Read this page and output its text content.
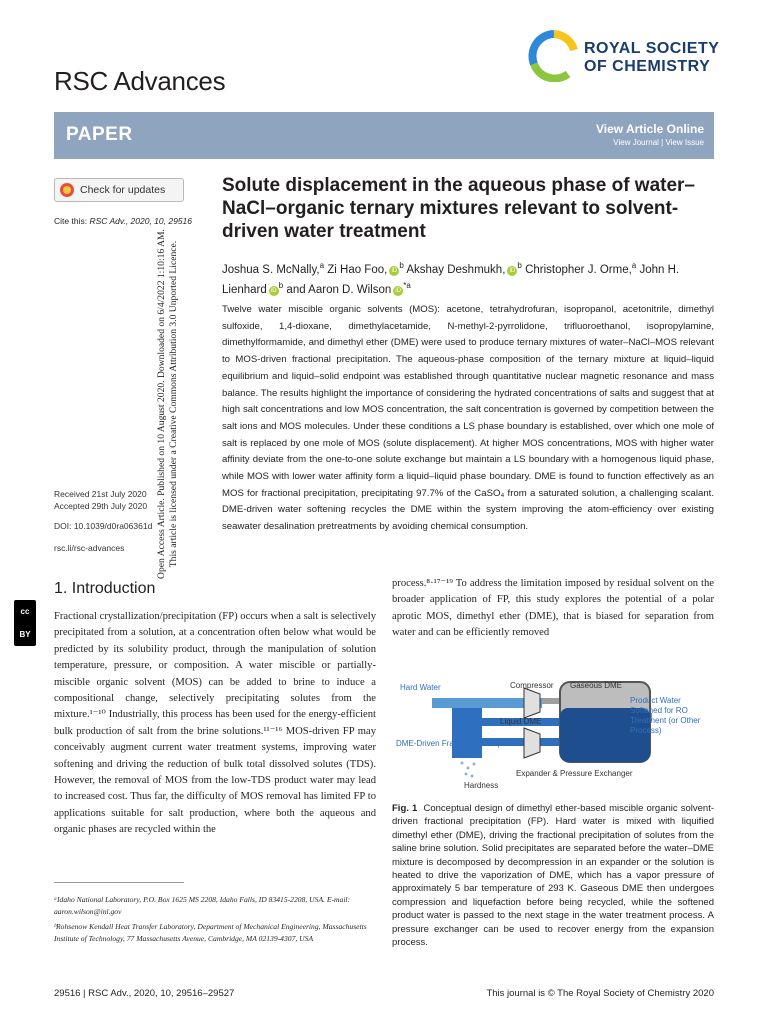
Open Access Article. Published on 10 August 2020. Downloaded on 6/4/2022 1:10:16 AM. This article is licensed under a Creative Commons Attribution 3.0 Unported Licence.
cc
BY
RSC Advances
ROYAL SOCIETY
OF CHEMISTRY
PAPER	View Article Online
View Journal | View Issue
Check for updates
Cite this: RSC Adv., 2020, 10, 29516
Received 21st July 2020
Accepted 29th July 2020
DOI: 10.1039/d0ra06361d
rsc.li/rsc-advances
Solute displacement in the aqueous phase of water–NaCl–organic ternary mixtures relevant to solvent-driven water treatment
Joshua S. McNally,$^a$ Zi Hao Foo, $iD^b$ Akshay Deshmukh, $iD^b$ Christopher J. Orme,$^a$ John H. Lienhard $iD^b$ and Aaron D. Wilson $iD^{*a}$
Twelve water miscible organic solvents (MOS): acetone, tetrahydrofuran, isopropanol, acetonitrile, dimethyl sulfoxide, 1,4-dioxane, dimethylacetamide, N-methyl-2-pyrrolidone, trifluoroethanol, isopropylamine, dimethylformamide, and dimethyl ether (DME) were used to produce ternary mixtures of water–NaCl–MOS relevant to MOS-driven fractional precipitation. The aqueous-phase composition of the ternary mixture at liquid–liquid equilibrium and liquid–solid endpoint was established through quantitative nuclear magnetic resonance and mass balance. The results highlight the importance of considering the hydrated concentrations of salts and suggest that at high salt concentrations and low MOS concentration, the salt concentration is governed by competition between the salt ions and MOS molecules. Under these conditions a LS phase boundary is established, over which one mole of salt is replaced by one mole of MOS (solute displacement). At higher MOS concentrations, MOS with higher water affinity deviate from the one-to-one solute exchange but maintain a LS boundary with a homogenous liquid phase, while MOS with lower water affinity form a liquid–liquid phase boundary. DME is found to function effectively as an MOS for fractional precipitation, precipitating 97.7% of the CaSO₄ from a saturated solution, a challenging scalant. DME-driven water softening recycles the DME within the system improving the atom-efficiency over existing seawater desalination pretreatments by avoiding chemical consumption.
1. Introduction
Fractional crystallization/precipitation (FP) occurs when a salt is selectively precipitated from a solution, at a concentration often below what would be predicted by its solubility product, through the manipulation of solution temperature, pressure, or composition. A water miscible or partially-miscible organic solvent (MOS) can be added to brine to induce a compositional change, selectively precipitating solutes from the mixture.¹⁻¹⁰ Industrially, this process has been used for the energy-efficient bulk production of salt from the brine solutions.¹¹⁻¹⁶ MOS-driven FP may conceivably augment current water treatment systems, improving water softening and driving the reduction of bulk total dissolved solutes (TDS). However, the removal of MOS from the low-TDS product water may lead to increased cost. Thus far, the difficulty of MOS removal has limited FP to applications suitable for salt production, where both the aqueous and organic phases are recycled within the
process.⁸·¹⁷⁻¹⁹ To address the limitation imposed by residual solvent on the broader application of FP, this study explores the potential of a polar aprotic MOS, dimethyl ether (DME), that is biased for separation from water and can be efficiently removed
ᵃIdaho National Laboratory, P.O. Box 1625 MS 2208, Idaho Falls, ID 83415-2208, USA. E-mail: aaron.wilson@inl.gov
ᵇRohsenow Kendall Heat Transfer Laboratory, Department of Mechanical Engineering, Massachusetts Institute of Technology, 77 Massachusetts Avenue, Cambridge, MA 02139-4307, USA
Hard Water	Compressor Gaseous DME
Liquid DME
DME-Driven Fractional-Precipitation
Hardness
Expander & Pressure Exchanger
Product Water Softened for RO Treatment (or Other Process)
Fig. 1 Conceptual design of dimethyl ether-based miscible organic solvent-driven fractional precipitation (FP). Hard water is mixed with liquified dimethyl ether (DME), driving the fractional precipitation of solutes from the saline brine solution. Solid precipitates are separated before the water–DME mixture is decomposed by decompression in an expander or the solution is heated to drive the vaporization of DME, which has a vapor pressure of approximately 5 bar temperature of 293 K. Gaseous DME then undergoes compression and liquefaction before being recycled, while the softened product water is passed to the next stage in the water treatment process. A pressure exchanger can be used to recover energy from the expansion process.
29516 | RSC Adv., 2020, 10, 29516–29527	This journal is © The Royal Society of Chemistry 2020
